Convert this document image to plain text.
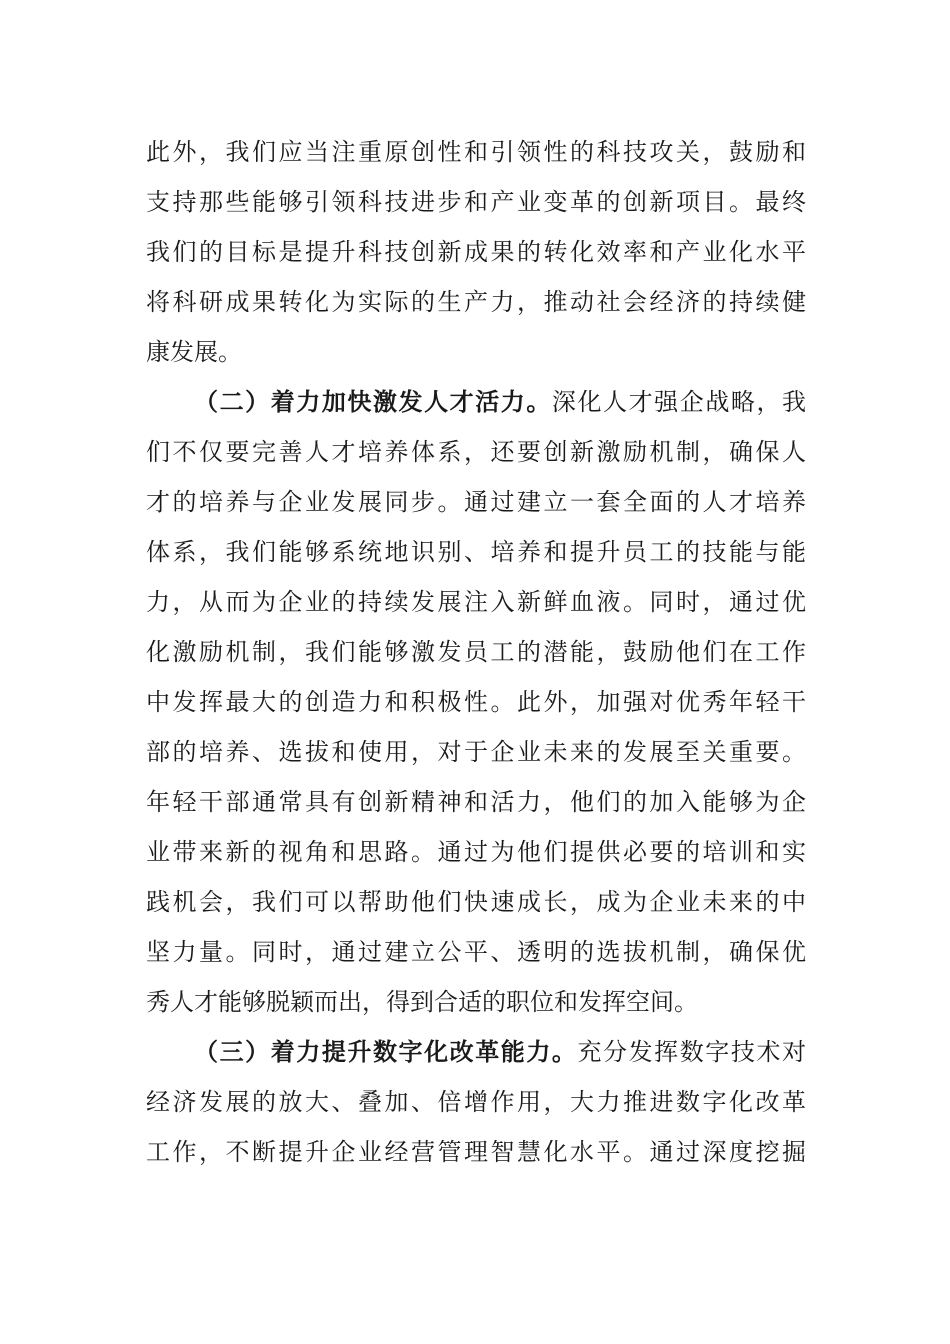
此外，我们应当注重原创性和引领性的科技攻关，鼓励和
支持那些能够引领科技进步和产业变革的创新项目。最终
我们的目标是提升科技创新成果的转化效率和产业化水平
将科研成果转化为实际的生产力，推动社会经济的持续健
康发展。
（二）着力加快激发人才活力。深化人才强企战略，我
们不仅要完善人才培养体系，还要创新激励机制，确保人
才的培养与企业发展同步。通过建立一套全面的人才培养
体系，我们能够系统地识别、培养和提升员工的技能与能
力，从而为企业的持续发展注入新鲜血液。同时，通过优
化激励机制，我们能够激发员工的潜能，鼓励他们在工作
中发挥最大的创造力和积极性。此外，加强对优秀年轻干
部的培养、选拔和使用，对于企业未来的发展至关重要。
年轻干部通常具有创新精神和活力，他们的加入能够为企
业带来新的视角和思路。通过为他们提供必要的培训和实
践机会，我们可以帮助他们快速成长，成为企业未来的中
坚力量。同时，通过建立公平、透明的选拔机制，确保优
秀人才能够脱颖而出，得到合适的职位和发挥空间。
（三）着力提升数字化改革能力。充分发挥数字技术对
经济发展的放大、叠加、倍增作用，大力推进数字化改革
工作，不断提升企业经营管理智慧化水平。通过深度挖掘
